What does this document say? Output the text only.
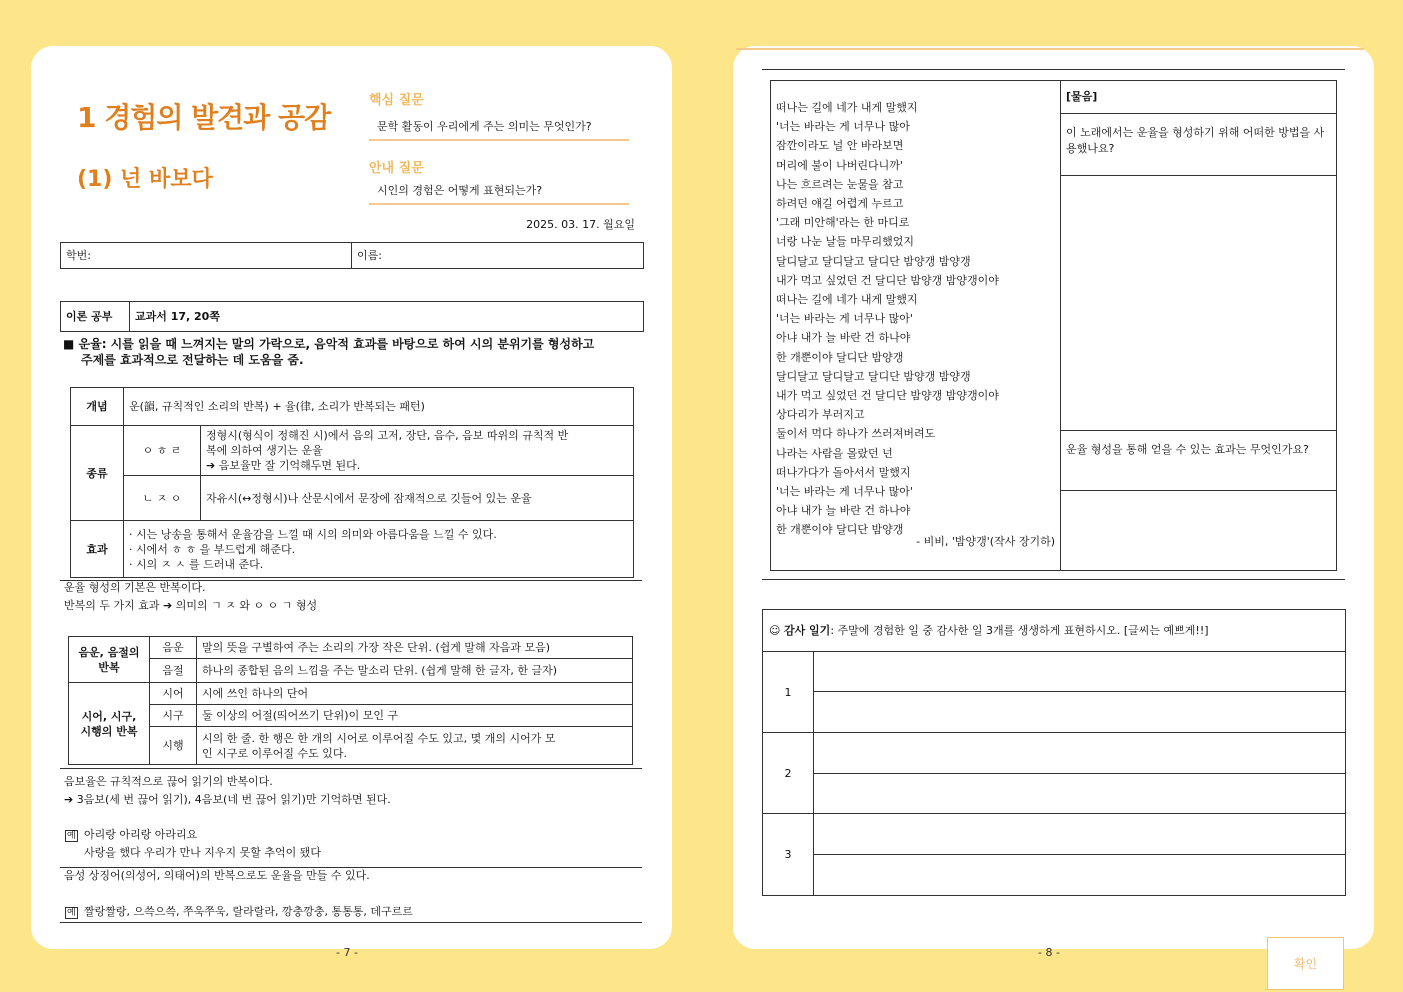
1 경험의 발견과 공감
(1) 넌 바보다
핵심 질문
문학 활동이 우리에게 주는 의미는 무엇인가?
안내 질문
시인의 경험은 어떻게 표현되는가?
2025. 03. 17. 월요일
학번:	이름:
이론 공부	교과서 17, 20쪽
■ 운율: 시를 읽을 때 느껴지는 말의 가락으로, 음악적 효과를 바탕으로 하여 시의 분위기를 형성하고
주제를 효과적으로 전달하는 데 도움을 줌.
개념	운(韻, 규칙적인 소리의 반복) + 율(律, 소리가 반복되는 패턴)	
종류	ㅇ ㅎ ㄹ	정형시(형식이 정해진 시)에서 음의 고저, 장단, 음수, 음보 따위의 규칙적 반
복에 의하여 생기는 운율
➔ 음보율만 잘 기억해두면 된다.

	ㄴ ㅈ ㅇ	자유시(↔정형시)나 산문시에서 문장에 잠재적으로 깃들어 있는 운율
효과	· 시는 낭송을 통해서 운율감을 느낄 때 시의 의미와 아름다움을 느낄 수 있다.
· 시에서 ㅎ ㅎ 을 부드럽게 해준다.
· 시의 ㅈ ㅅ 를 드러내 준다.	
운율 형성의 기본은 반복이다.
반복의 두 가지 효과 ➔ 의미의 ㄱ ㅈ 와 ㅇ ㅇ ㄱ 형성
음운, 음절의
반복	음운	말의 뜻을 구별하여 주는 소리의 가장 작은 단위. (쉽게 말해 자음과 모음)
	음절	하나의 종합된 음의 느낌을 주는 말소리 단위. (쉽게 말해 한 글자, 한 글자)

시어, 시구,
시행의 반복	시어	시에 쓰인 하나의 단어
	시구	둘 이상의 어절(띄어쓰기 단위)이 모인 구
	시행	시의 한 줄. 한 행은 한 개의 시어로 이루어질 수도 있고, 몇 개의 시어가 모
인 시구로 이루어질 수도 있다.
음보율은 규칙적으로 끊어 읽기의 반복이다.
➔ 3음보(세 번 끊어 읽기), 4음보(네 번 끊어 읽기)만 기억하면 된다.
예 아리랑 아리랑 아라리요
사랑을 했다 우리가 만나 지우지 못할 추억이 됐다
음성 상징어(의성어, 의태어)의 반복으로도 운율을 만들 수 있다.
예 짤랑짤랑, 으쓱으쓱, 쭈욱쭈욱, 랄라랄라, 깡충깡충, 통통통, 데구르르
- 7 -
떠나는 길에 네가 내게 말했지
'너는 바라는 게 너무나 많아
잠깐이라도 널 안 바라보면
머리에 불이 나버린다니까'
나는 흐르려는 눈물을 참고
하려던 얘길 어렵게 누르고
'그래 미안해'라는 한 마디로
너랑 나눈 날들 마무리했었지
달디달고 달디달고 달디단 밤양갱 밤양갱
내가 먹고 싶었던 건 달디단 밤양갱 밤양갱이야
떠나는 길에 네가 내게 말했지
'너는 바라는 게 너무나 많아'
아냐 내가 늘 바란 건 하나야
한 개뿐이야 달디단 밤양갱
달디달고 달디달고 달디단 밤양갱 밤양갱
내가 먹고 싶었던 건 달디단 밤양갱 밤양갱이야
상다리가 부러지고
둘이서 먹다 하나가 쓰러져버려도
나라는 사람을 몰랐던 넌
떠나가다가 돌아서서 말했지
'너는 바라는 게 너무나 많아'
아냐 내가 늘 바란 건 하나야
한 개뿐이야 달디단 밤양갱
- 비비, '밤양갱'(작사 장기하)
[물음]
이 노래에서는 운율을 형성하기 위해 어떠한 방법을 사용했나요?
운율 형성을 통해 얻을 수 있는 효과는 무엇인가요?
☺ 감사 일기: 주말에 경험한 일 중 감사한 일 3개를 생생하게 표현하시오. [글씨는 예쁘게!!]	
1	

2	

3	

- 8 -
확인
